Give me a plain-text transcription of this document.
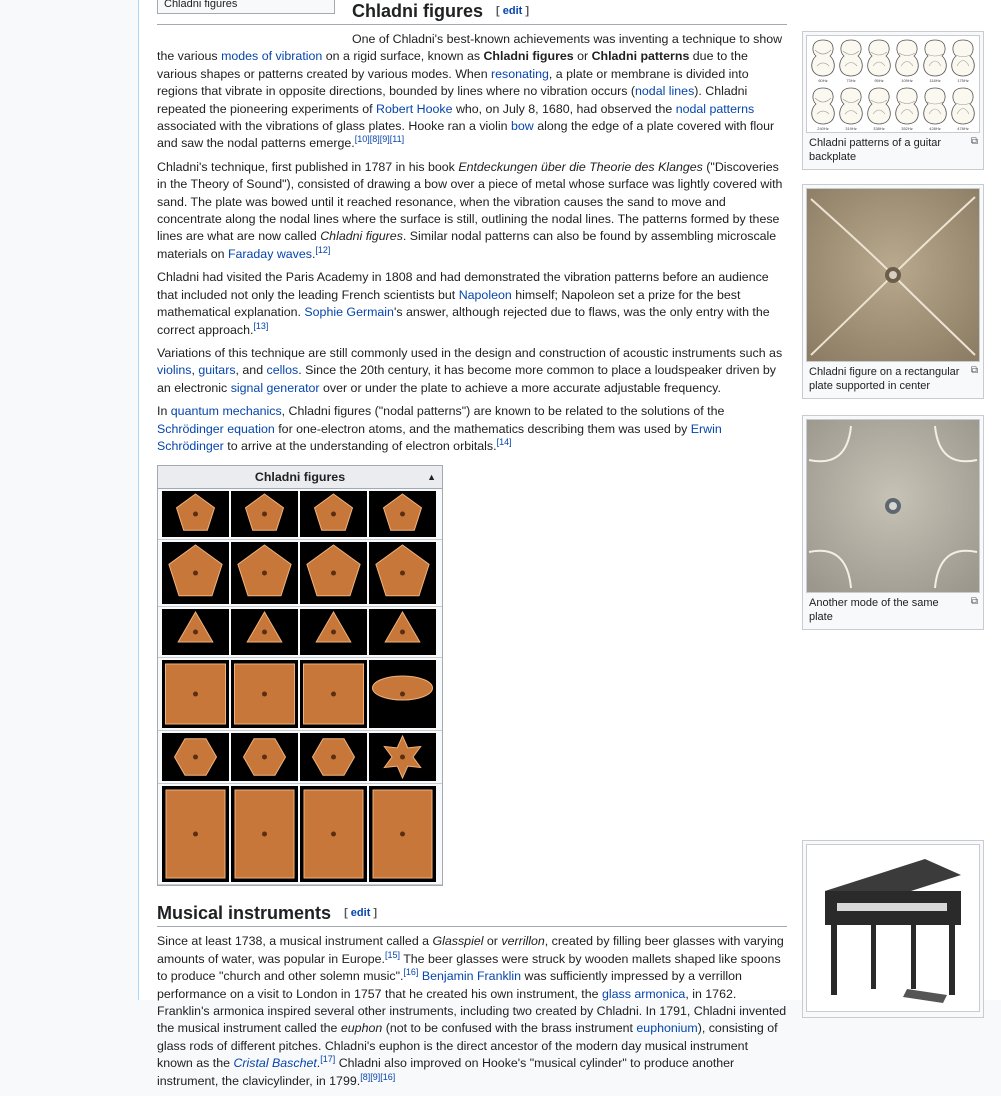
Chladni figures	Chladni figures [ edit ]

One of Chladni's best-known achievements was inventing a technique to show the various modes of vibration on a rigid surface, known as Chladni figures or Chladni patterns due to the various shapes or patterns created by various modes. When resonating, a plate or membrane is divided into regions that vibrate in opposite directions, bounded by lines where no vibration occurs (nodal lines). Chladni repeated the pioneering experiments of Robert Hooke who, on July 8, 1680, had observed the nodal patterns associated with the vibrations of glass plates. Hooke ran a violin bow along the edge of a plate covered with flour and saw the nodal patterns emerge.[10][8][9][11]

Chladni's technique, first published in 1787 in his book Entdeckungen über die Theorie des Klanges ("Discoveries in the Theory of Sound"), consisted of drawing a bow over a piece of metal whose surface was lightly covered with sand. The plate was bowed until it reached resonance, when the vibration causes the sand to move and concentrate along the nodal lines where the surface is still, outlining the nodal lines. The patterns formed by these lines are what are now called Chladni figures. Similar nodal patterns can also be found by assembling microscale materials on Faraday waves.[12]

Chladni had visited the Paris Academy in 1808 and had demonstrated the vibration patterns before an audience that included not only the leading French scientists but Napoleon himself; Napoleon set a prize for the best mathematical explanation. Sophie Germain's answer, although rejected due to flaws, was the only entry with the correct approach.[13]

Variations of this technique are still commonly used in the design and construction of acoustic instruments such as violins, guitars, and cellos. Since the 20th century, it has become more common to place a loudspeaker driven by an electronic signal generator over or under the plate to achieve a more accurate adjustable frequency.

In quantum mechanics, Chladni figures ("nodal patterns") are known to be related to the solutions of the Schrödinger equation for one-electron atoms, and the mathematics describing them was used by Erwin Schrödinger to arrive at the understanding of electron orbitals.[14]

Chladni figures	▲

Musical instruments [ edit ]

Since at least 1738, a musical instrument called a Glasspiel or verrillon, created by filling beer glasses with varying amounts of water, was popular in Europe.[15] The beer glasses were struck by wooden mallets shaped like spoons to produce "church and other solemn music".[16] Benjamin Franklin was sufficiently impressed by a verrillon performance on a visit to London in 1757 that he created his own instrument, the glass armonica, in 1762. Franklin's armonica inspired several other instruments, including two created by Chladni. In 1791, Chladni invented the musical instrument called the euphon (not to be confused with the brass instrument euphonium), consisting of glass rods of different pitches. Chladni's euphon is the direct ancestor of the modern day musical instrument known as the Cristal Baschet.[17] Chladni also improved on Hooke's "musical cylinder" to produce another instrument, the clavicylinder, in 1799.[8][9][16]

60Hz	73Hz	95Hz	109Hz	118Hz	175Hz
240Hz	319Hz	338Hz	352Hz	428Hz	478Hz
Chladni patterns of a guitar backplate
⧉
Chladni figure on a rectangular plate supported in center
⧉
Another mode of the same plate
⧉
